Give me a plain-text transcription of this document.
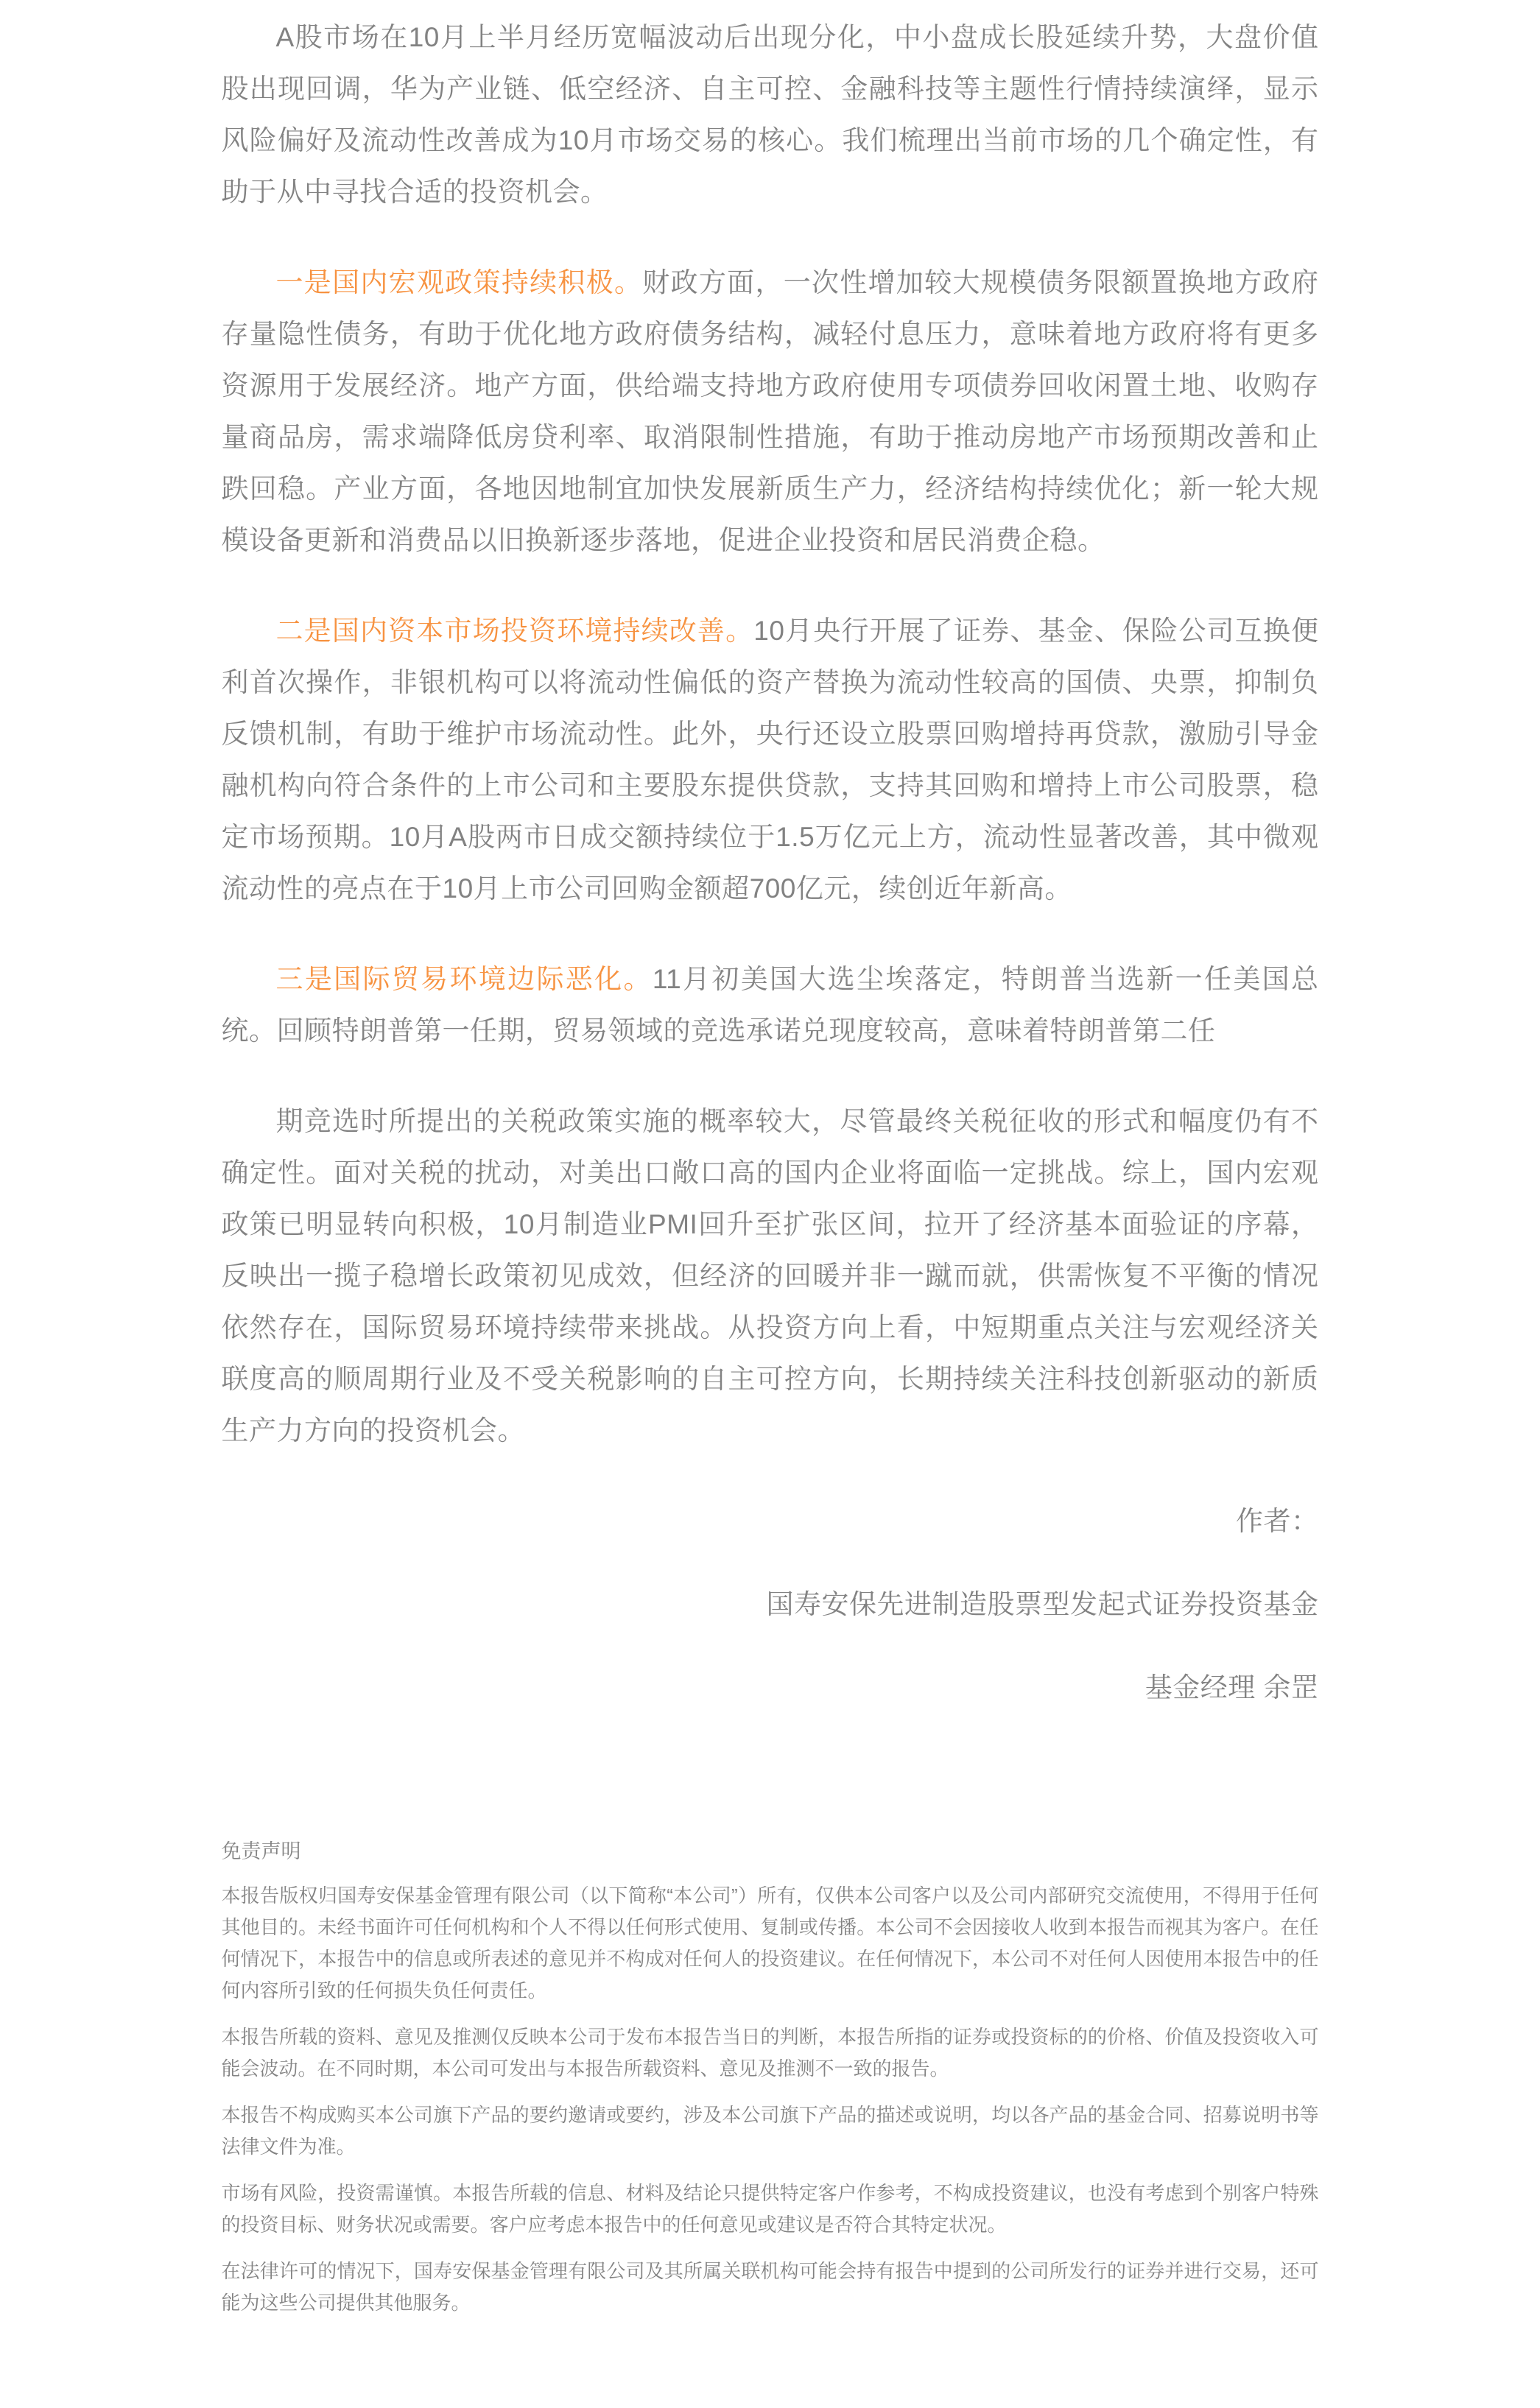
A股市场在10月上半月经历宽幅波动后出现分化，中小盘成长股延续升势，大盘价值股出现回调，华为产业链、低空经济、自主可控、金融科技等主题性行情持续演绎，显示风险偏好及流动性改善成为10月市场交易的核心。我们梳理出当前市场的几个确定性，有助于从中寻找合适的投资机会。

一是国内宏观政策持续积极。财政方面，一次性增加较大规模债务限额置换地方政府存量隐性债务，有助于优化地方政府债务结构，减轻付息压力，意味着地方政府将有更多资源用于发展经济。地产方面，供给端支持地方政府使用专项债券回收闲置土地、收购存量商品房，需求端降低房贷利率、取消限制性措施，有助于推动房地产市场预期改善和止跌回稳。产业方面，各地因地制宜加快发展新质生产力，经济结构持续优化；新一轮大规模设备更新和消费品以旧换新逐步落地，促进企业投资和居民消费企稳。

二是国内资本市场投资环境持续改善。10月央行开展了证券、基金、保险公司互换便利首次操作，非银机构可以将流动性偏低的资产替换为流动性较高的国债、央票，抑制负反馈机制，有助于维护市场流动性。此外，央行还设立股票回购增持再贷款，激励引导金融机构向符合条件的上市公司和主要股东提供贷款，支持其回购和增持上市公司股票，稳定市场预期。10月A股两市日成交额持续位于1.5万亿元上方，流动性显著改善，其中微观流动性的亮点在于10月上市公司回购金额超700亿元，续创近年新高。

三是国际贸易环境边际恶化。11月初美国大选尘埃落定，特朗普当选新一任美国总统。回顾特朗普第一任期，贸易领域的竞选承诺兑现度较高，意味着特朗普第二任

期竞选时所提出的关税政策实施的概率较大，尽管最终关税征收的形式和幅度仍有不确定性。面对关税的扰动，对美出口敞口高的国内企业将面临一定挑战。综上，国内宏观政策已明显转向积极，10月制造业PMI回升至扩张区间，拉开了经济基本面验证的序幕，反映出一揽子稳增长政策初见成效，但经济的回暖并非一蹴而就，供需恢复不平衡的情况依然存在，国际贸易环境持续带来挑战。从投资方向上看，中短期重点关注与宏观经济关联度高的顺周期行业及不受关税影响的自主可控方向，长期持续关注科技创新驱动的新质生产力方向的投资机会。

作者：

国寿安保先进制造股票型发起式证券投资基金

基金经理 余罡

免责声明

本报告版权归国寿安保基金管理有限公司（以下简称“本公司”）所有，仅供本公司客户以及公司内部研究交流使用，不得用于任何其他目的。未经书面许可任何机构和个人不得以任何形式使用、复制或传播。本公司不会因接收人收到本报告而视其为客户。在任何情况下，本报告中的信息或所表述的意见并不构成对任何人的投资建议。在任何情况下，本公司不对任何人因使用本报告中的任何内容所引致的任何损失负任何责任。

本报告所载的资料、意见及推测仅反映本公司于发布本报告当日的判断，本报告所指的证券或投资标的的价格、价值及投资收入可能会波动。在不同时期，本公司可发出与本报告所载资料、意见及推测不一致的报告。

本报告不构成购买本公司旗下产品的要约邀请或要约，涉及本公司旗下产品的描述或说明，均以各产品的基金合同、招募说明书等法律文件为准。

市场有风险，投资需谨慎。本报告所载的信息、材料及结论只提供特定客户作参考，不构成投资建议，也没有考虑到个别客户特殊的投资目标、财务状况或需要。客户应考虑本报告中的任何意见或建议是否符合其特定状况。

在法律许可的情况下，国寿安保基金管理有限公司及其所属关联机构可能会持有报告中提到的公司所发行的证券并进行交易，还可能为这些公司提供其他服务。
